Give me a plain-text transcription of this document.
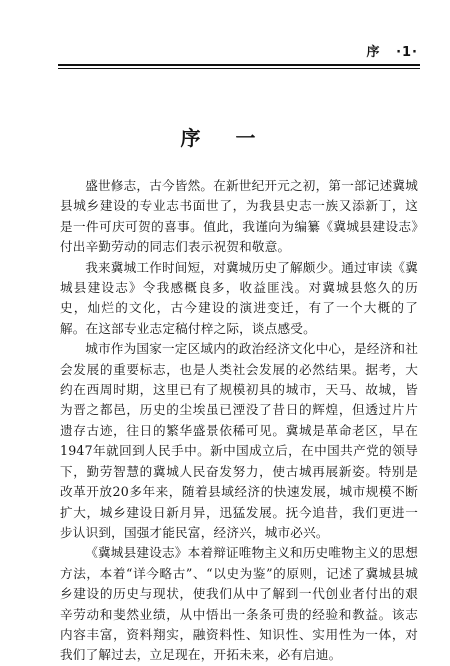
序 ·1·
序 一

盛世修志，古今皆然。在新世纪开元之初，第一部记述冀城县城乡建设的专业志书面世了，为我县史志一族又添新丁，这是一件可庆可贺的喜事。值此，我谨向为编纂《冀城县建设志》付出辛勤劳动的同志们表示祝贺和敬意。

我来冀城工作时间短，对冀城历史了解颇少。通过审读《冀城县建设志》令我感概良多，收益匪浅。对冀城县悠久的历史，灿烂的文化，古今建设的演进变迁，有了一个大概的了解。在这部专业志定稿付梓之际，谈点感受。

城市作为国家一定区域内的政治经济文化中心，是经济和社会发展的重要标志，也是人类社会发展的必然结果。据考，大约在西周时期，这里已有了规模初具的城市，天马、故城，皆为晋之都邑，历史的尘埃虽已湮没了昔日的辉煌，但透过片片遗存古迹，往日的繁华盛景依稀可见。冀城是革命老区，早在1947年就回到人民手中。新中国成立后，在中国共产党的领导下，勤劳智慧的冀城人民奋发努力，使古城再展新姿。特别是改革开放20多年来，随着县域经济的快速发展，城市规模不断扩大，城乡建设日新月异，迅猛发展。抚今追昔，我们更进一步认识到，国强才能民富，经济兴，城市必兴。

《冀城县建设志》本着辩证唯物主义和历史唯物主义的思想方法，本着“详今略古”、“以史为鉴”的原则，记述了冀城县城乡建设的历史与现状，使我们从中了解到一代创业者付出的艰辛劳动和斐然业绩，从中悟出一条条可贵的经验和教益。该志内容丰富，资料翔实，融资料性、知识性、实用性为一体，对我们了解过去，立足现在，开拓未来，必有启迪。
